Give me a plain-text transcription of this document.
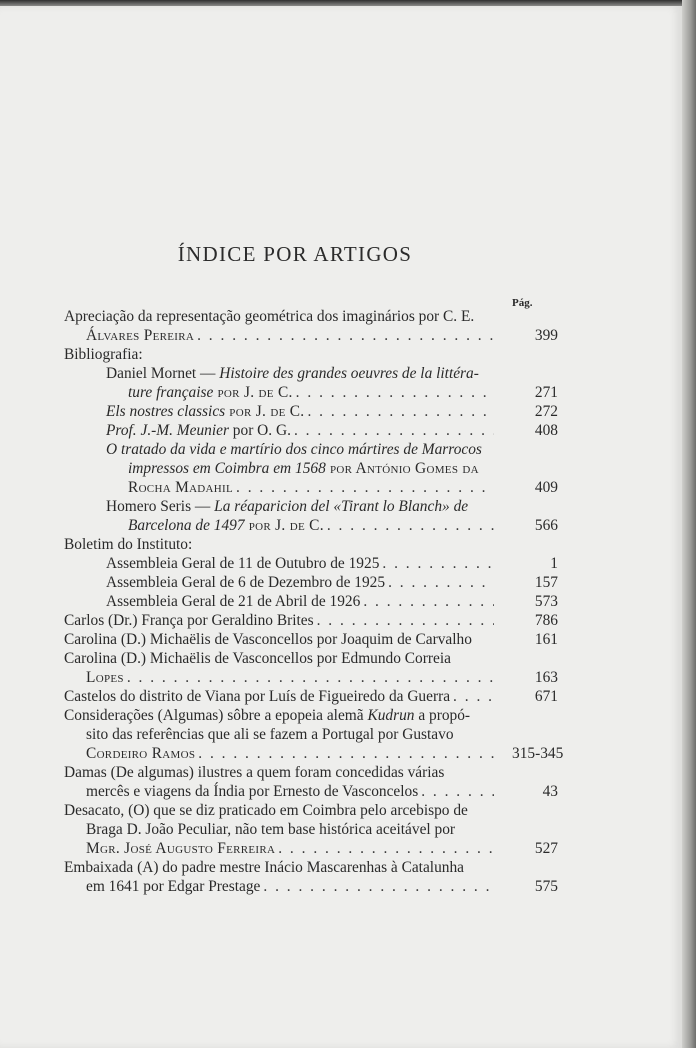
ÍNDICE POR ARTIGOS
Pág.
Apreciação da representação geométrica dos imaginários por C. E.
Álvares Pereira . . .	399
Bibliografia:
Daniel Mornet — Histoire des grandes oeuvres de la littéra-
ture française por J. de C. . . .	271
Els nostres classics por J. de C. . . .	272
Prof. J.-M. Meunier por O. G. . . .	408
O tratado da vida e martírio dos cinco mártires de Marrocos
impressos em Coimbra em 1568 por António Gomes da
Rocha Madahil . . .	409
Homero Seris — La réaparicion del «Tirant lo Blanch» de
Barcelona de 1497 por J. de C. . . .	566
Boletim do Instituto:
Assembleia Geral de 11 de Outubro de 1925 . . .	1
Assembleia Geral de 6 de Dezembro de 1925 . . .	157
Assembleia Geral de 21 de Abril de 1926 . . .	573
Carlos (Dr.) França por Geraldino Brites . . .	786
Carolina (D.) Michaëlis de Vasconcellos por Joaquim de Carvalho	161
Carolina (D.) Michaëlis de Vasconcellos por Edmundo Correia
Lopes . . .	163
Castelos do distrito de Viana por Luís de Figueiredo da Guerra . . .	671
Considerações (Algumas) sôbre a epopeia alemã Kudrun a propó-
sito das referências que ali se fazem a Portugal por Gustavo
Cordeiro Ramos . . .	315-345
Damas (De algumas) ilustres a quem foram concedidas várias
mercês e viagens da Índia por Ernesto de Vasconcelos . . .	43
Desacato, (O) que se diz praticado em Coimbra pelo arcebispo de
Braga D. João Peculiar, não tem base histórica aceitável por
Mgr. José Augusto Ferreira . . .	527
Embaixada (A) do padre mestre Inácio Mascarenhas à Catalunha
em 1641 por Edgar Prestage . . .	575
